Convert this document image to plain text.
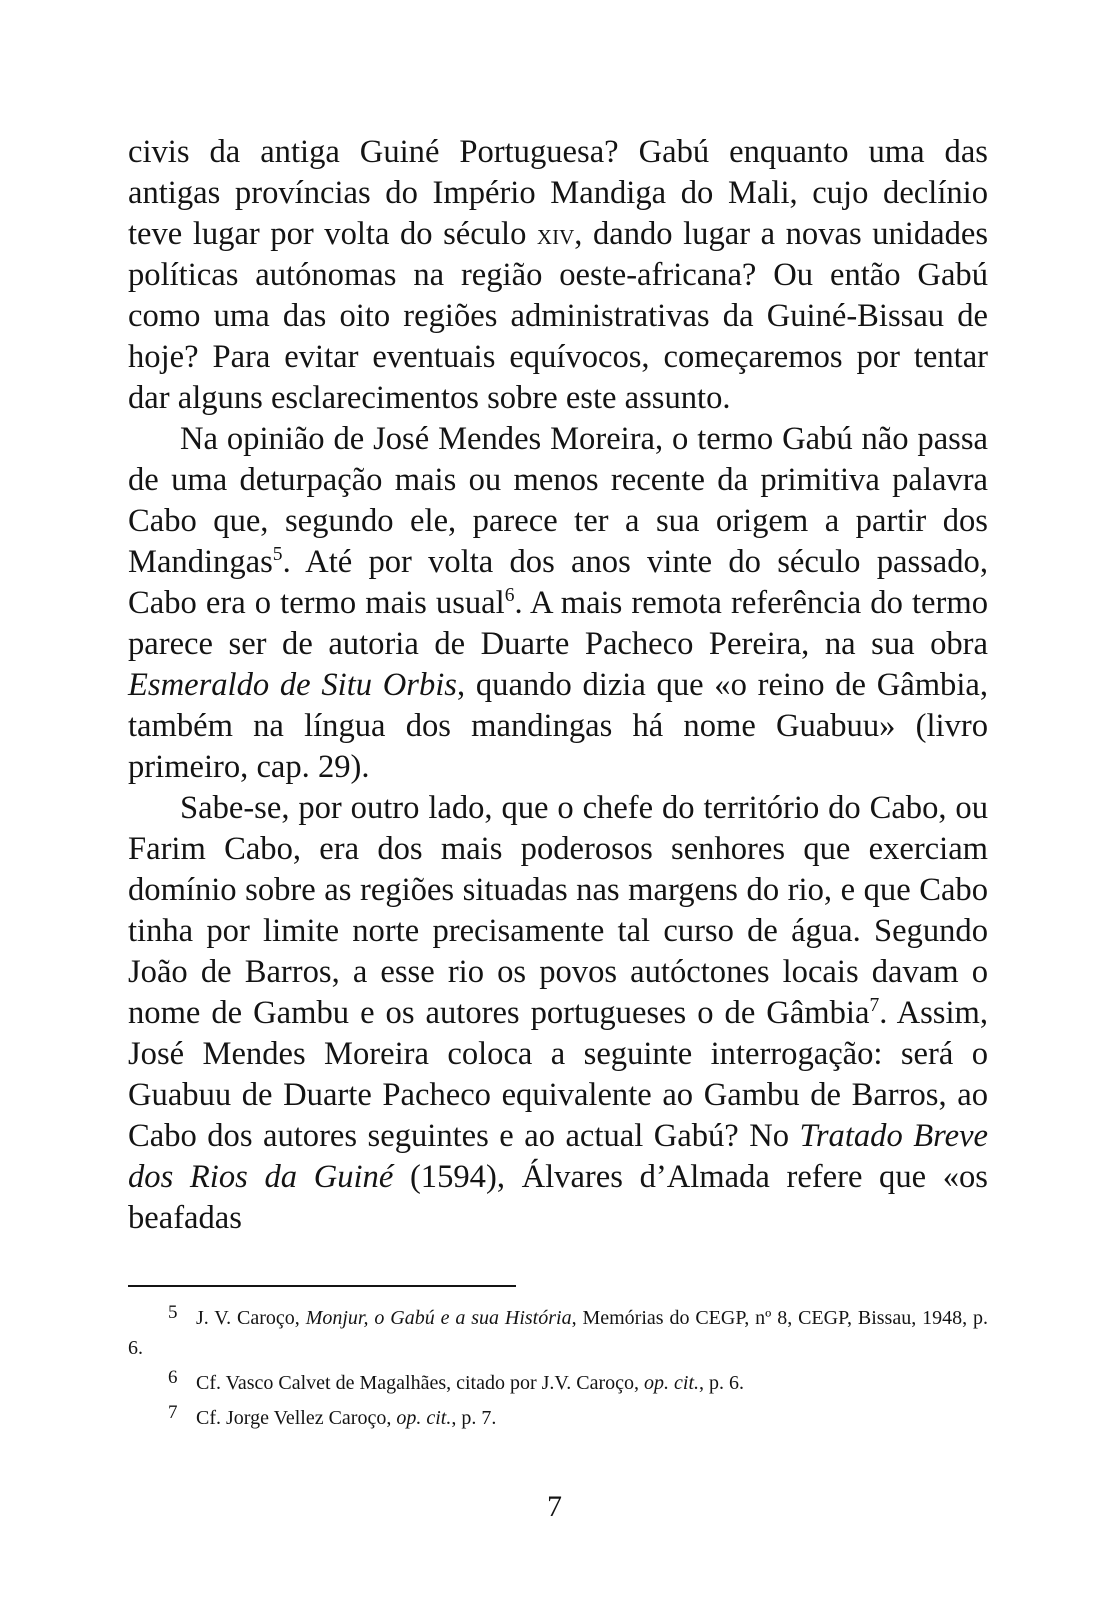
civis da antiga Guiné Portuguesa? Gabú enquanto uma das antigas províncias do Império Mandiga do Mali, cujo declínio teve lugar por volta do século xiv, dando lugar a novas unidades políticas autónomas na região oeste-africana? Ou então Gabú como uma das oito regiões administrativas da Guiné-Bissau de hoje? Para evitar eventuais equívocos, começaremos por tentar dar alguns esclarecimentos sobre este assunto.

Na opinião de José Mendes Moreira, o termo Gabú não passa de uma deturpação mais ou menos recente da primitiva palavra Cabo que, segundo ele, parece ter a sua origem a partir dos Mandingas$^5$. Até por volta dos anos vinte do século passado, Cabo era o termo mais usual$^6$. A mais remota referência do termo parece ser de autoria de Duarte Pacheco Pereira, na sua obra Esmeraldo de Situ Orbis, quando dizia que «o reino de Gâmbia, também na língua dos mandingas há nome Guabuu» (livro primeiro, cap. 29).

Sabe-se, por outro lado, que o chefe do território do Cabo, ou Farim Cabo, era dos mais poderosos senhores que exerciam domínio sobre as regiões situadas nas margens do rio, e que Cabo tinha por limite norte precisamente tal curso de água. Segundo João de Barros, a esse rio os povos autóctones locais davam o nome de Gambu e os autores portugueses o de Gâmbia$^7$. Assim, José Mendes Moreira coloca a seguinte interrogação: será o Guabuu de Duarte Pacheco equivalente ao Gambu de Barros, ao Cabo dos autores seguintes e ao actual Gabú? No Tratado Breve dos Rios da Guiné (1594), Álvares d’Almada refere que «os beafadas

5 J. V. Caroço, Monjur, o Gabú e a sua História, Memórias do CEGP, nº 8, CEGP, Bissau, 1948, p. 6.

6 Cf. Vasco Calvet de Magalhães, citado por J.V. Caroço, op. cit., p. 6.

7 Cf. Jorge Vellez Caroço, op. cit., p. 7.

7
